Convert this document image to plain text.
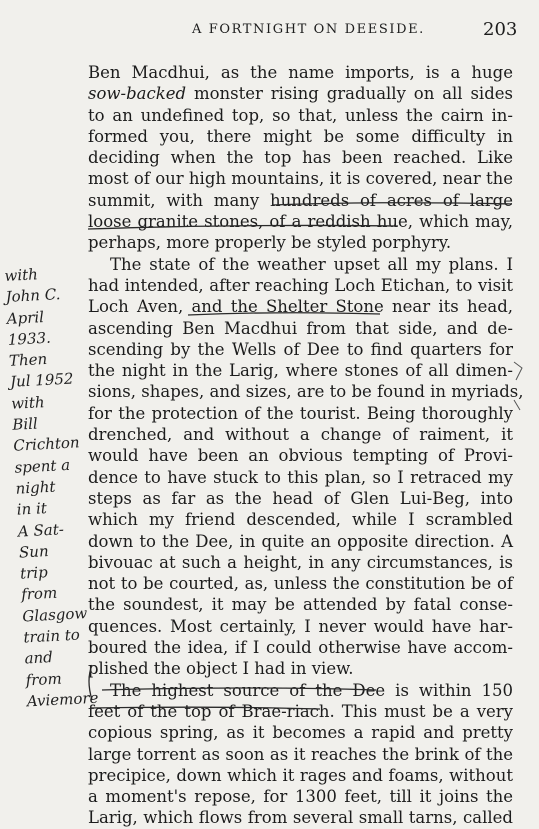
A FORTNIGHT ON DEESIDE.	203
Ben Macdhui, as the name imports, is a huge
sow-backed monster rising gradually on all sides
to an undefined top, so that, unless the cairn in-
formed you, there might be some difficulty in
deciding when the top has been reached. Like
most of our high mountains, it is covered, near the
summit, with many hundreds of acres of large
loose granite stones, of a reddish hue, which may,
perhaps, more properly be styled porphyry.
The state of the weather upset all my plans. I
had intended, after reaching Loch Etichan, to visit
Loch Aven, and the Shelter Stone near its head,
ascending Ben Macdhui from that side, and de-
scending by the Wells of Dee to find quarters for
the night in the Larig, where stones of all dimen-
sions, shapes, and sizes, are to be found in myriads,
for the protection of the tourist. Being thoroughly
drenched, and without a change of raiment, it
would have been an obvious tempting of Provi-
dence to have stuck to this plan, so I retraced my
steps as far as the head of Glen Lui-Beg, into
which my friend descended, while I scrambled
down to the Dee, in quite an opposite direction. A
bivouac at such a height, in any circumstances, is
not to be courted, as, unless the constitution be of
the soundest, it may be attended by fatal conse-
quences. Most certainly, I never would have har-
boured the idea, if I could otherwise have accom-
plished the object I had in view.
The highest source of the Dee is within 150
feet of the top of Brae-riach. This must be a very
copious spring, as it becomes a rapid and pretty
large torrent as soon as it reaches the brink of the
precipice, down which it rages and foams, without
a moment's repose, for 1300 feet, till it joins the
Larig, which flows from several small tarns, called
with
John C.
April
1933.
Then
Jul 1952
with
Bill
Crichton
spent a
night
in it
A Sat-
Sun
trip
from
Glasgow
train to
and
from
Aviemore
